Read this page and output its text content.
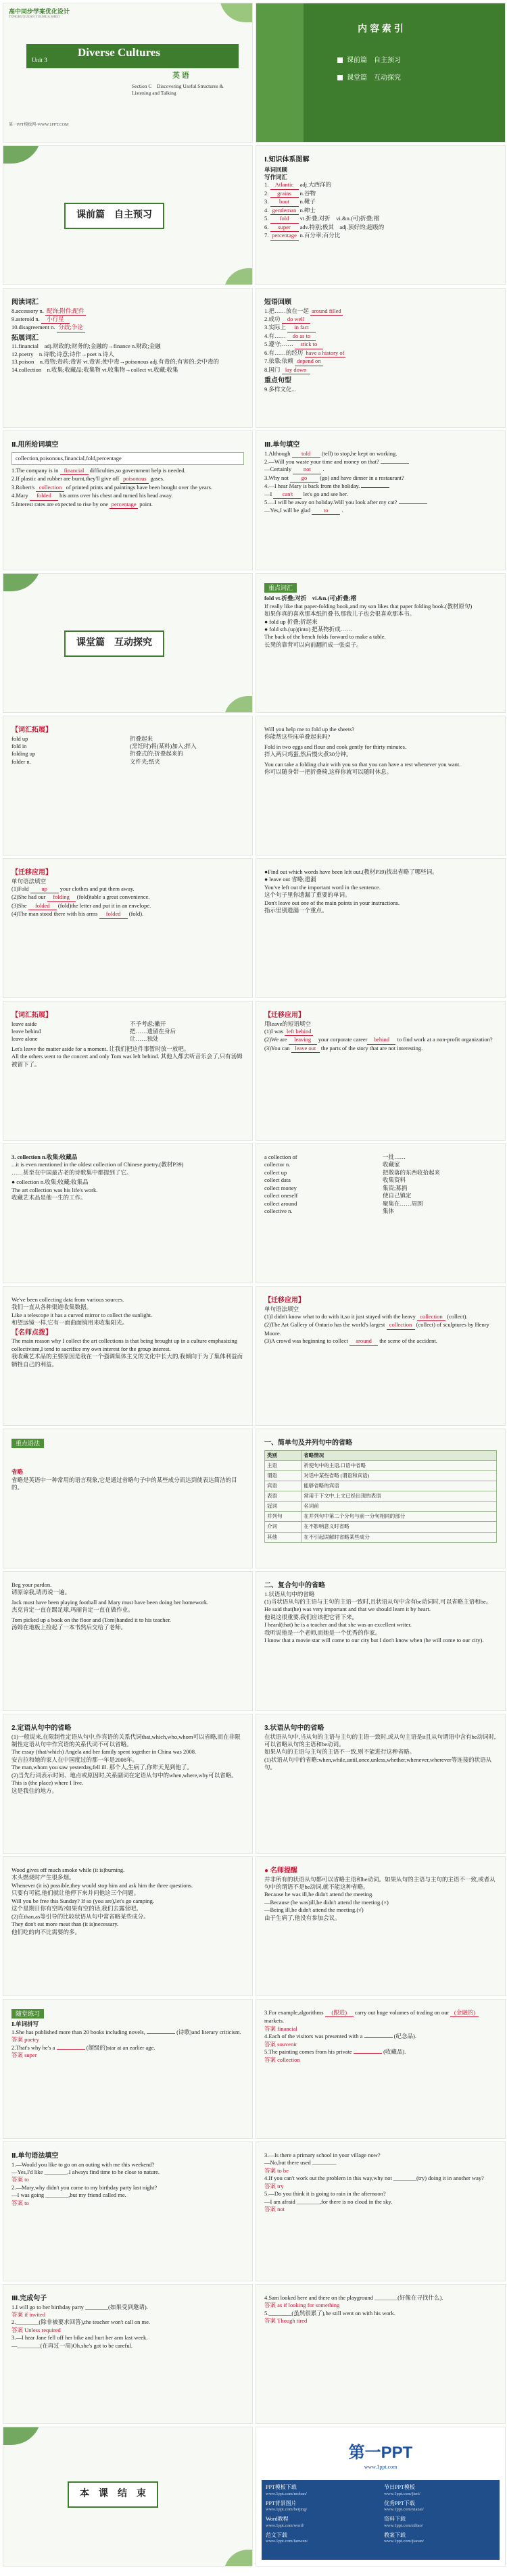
高中同步学案优化设计
TONGBUXUEAN YOUHUA SHEJI
Unit 3
Diverse Cultures
英 语
Section C　Discovering Useful Structures & Listening and Talking
第一PPT模板网-WWW.1PPT.COM
内 容 索 引
课前篇　自主预习
课堂篇　互动探究
课前篇　自主预习
Ⅰ.知识体系图解
单词回顾
写作词汇
1. Atlantic adj.大西洋的
2. grains n.谷物
3. boot n.靴子
4. gentleman n.绅士
5. fold vt.折叠;对折　vi.&n.(可)折叠;褶
6. super adv.特别;极其　adj.顶好的;超级的
7. percentage n.百分率;百分比
阅读词汇
8.accessory n. 配饰;附件;配件
9.asteroid n. 小行星
10.disagreement n. 分歧;争论
拓展词汇
11.financial　adj.财政的;财务的;金融的→finance n.财政;金融
12.poetry　n.诗歌;诗意;诗作→poet n.诗人
13.poison　n.毒物;毒药;毒害 vt.毒害;使中毒→poisonous adj.有毒的;有害的;会中毒的
14.collection　n.收集;收藏品;收集物 vt.收集物→collect vt.收藏;收集
短语回顾
1.把……放在一起 around filled
2.成功 do well
3.实际上 in fact
4.有…… do as to
5.遵守;…… stick to
6.有……的经历 have a history of
7.依靠;依赖 depend on
8.国门 lay down
重点句型
9.多样文化...
Ⅱ.用所给词填空
collection,poisonous,financial,fold,percentage
1.The company is in financial difficulties,so government help is needed.
2.If plastic and rubber are burnt,they'll give off poisonous gases.
3.Robert's collection of printed prints and paintings have been bought over the years.
4.Mary folded his arms over his chest and turned his head away.
5.Interest rates are expected to rise by one percentage point.
Ⅲ.单句填空
1.Although told (tell) to stop,he kept on working.
2.—Will you waste your time and money on that?
—Certainly not .
3.Why not go (go) and have dinner in a restaurant?
4.—I hear Mary is back from the holiday.
—I can't let's go and see her.
5.—I will be away on holiday.Will you look after my cat?
—Yes,I will be glad to .
课堂篇　互动探究
重点词汇
fold vt.折叠;对折　vi.&n.(可)折叠;褶
If really like that paper-folding book,and my son likes that paper folding book.(教材原句)
如果你真的喜欢那本纸折叠书,那我儿子也会很喜欢那本书。
● fold up 折叠;折起来
● fold sth.(up)(into) 把某物折成……
The back of the bench folds forward to make a table.
长凳的靠背可以向前翻折成一张桌子。
【词汇拓展】
fold up	折叠起来
fold in	(烹饪时)将(某料)加入;拌入
folding up	折叠式的;折叠起来的
folder n.	文件夹;纸夹
Will you help me to fold up the sheets?
你能帮这些床单叠起来吗?
Fold in two eggs and flour and cook gently for thirty minutes.
拌入两只鸡蛋,然后慢火煮30分钟。
You can take a folding chair with you so that you can have a rest whenever you want.
你可以随身带一把折叠椅,这样你就可以随时休息。
【迁移应用】
单句语法填空
(1)Fold up your clothes and put them away.
(2)She had our folding (fold)table a great convenience.
(3)She folded (fold)the letter and put it in an envelope.
(4)The man stood there with his arms folded (fold).
●Find out which words have been left out.(教材P39)找出省略了哪些词。
● leave out 省略;遗漏
You've left out the important word in the sentence.
这个句子里你遗漏了重要的单词。
Don't leave out one of the main points in your instructions.
指示里别遗漏一个重点。
【词汇拓展】
leave aside	不予考虑;撇开
leave behind	把……遗留在身后
leave alone	让……独处
Let's leave the matter aside for a moment. 让我们把这件事暂时放一放吧。
All the others went to the concert and only Tom was left behind. 其他人都去听音乐会了,只有汤姆被留下了。
【迁移应用】
用leave的短语填空
(1)I was left behind
(2)We are leaving your corporate career behind to find work at a non-profit organization?
(3)You can leave out the parts of the story that are not interesting.
3. collection n.收集;收藏品
...it is even mentioned in the oldest collection of Chinese poetry.(教材P39)
……甚至在中国最古老的诗歌集中都提到了它。
● collection n.收集;收藏;收集品
The art collection was his life's work.
收藏艺术品是他一生的工作。
a collection of	一批……
collector n.	收藏家
collect up	把散落的东西收拾起来
collect data	收集资料
collect money	集资;募捐
collect oneself	使自己镇定
collect around	聚集在……周围
collective n.	集体
We've been collecting data from various sources.
我们一直从各种渠道收集数据。
Like a telescope it has a curved mirror to collect the sunlight.
和望远镜一样,它有一面曲面镜用来收集阳光。
【名师点拨】
The main reason why I collect the art collections is that being brought up in a culture emphasizing collectivism,I tend to sacrifice my own interest for the group interest.
我收藏艺术品的主要原因是我在一个强调集体主义的文化中长大的,我倾向于为了集体利益而牺牲自己的利益。
【迁移应用】
单句语法填空
(1)I didn't know what to do with it,so it just stayed with the heavy collection (collect).
(2)The Art Gallery of Ontario has the world's largest collection (collect) of sculptures by Henry Moore.
(3)A crowd was beginning to collect around the scene of the accident.
重点语法
省略
省略是英语中一种常用的语言现象,它是通过省略句子中的某些成分而达到使表达简洁的目的。
一、简单句及并列句中的省略
类别	省略情况
主语	祈使句中的主语,口语中省略
谓语	对话中某些省略 (谓语和宾语)
宾语	能够省略的宾语
表语	常用于下文中,上文已经出现的表语
冠词	名词前
并列句	在并列句中第二个分句与前一分句相同的部分
介词	在不影响意义时省略
其他	在不引起误解时省略某些成分
Beg your pardon.
请原谅我,请再说一遍。
Jack must have been playing football and Mary must have been doing her homework.
杰克肯定一直在踢足球,玛丽肯定一直在做作业。
Tom picked up a book on the floor and (Tom)handed it to his teacher.
汤姆在地板上捡起了一本书然后交给了老师。
二、复合句中的省略
1.状语从句中的省略
(1)当状语从句的主语与主句的主语一致时,且状语从句中含有be动词时,可以省略主语和be。
He said that(he) was very important and that we should learn it by heart.
他说这很重要,我们应该把它背下来。
I heard(that) he is a teacher and that she was an excellent writer.
我听说他是一个老师,而她是一个优秀的作家。
I know that a movie star will come to our city but I don't know when (he will come to our city).
2.定语从句中的省略
(1)一般说来,在限制性定语从句中,作宾语的关系代词that,which,who,whom可以省略,而在非限制性定语从句中作宾语的关系代词不可以省略。
The essay (that/which) Angela and her family spent together in China was 2008.
安吉拉和她的家人在中国度过的那一年是2008年。
The man,whom you saw yesterday,fell ill. 那个人,生病了,你昨天见到他了。
(2)当先行词表示时间、地点或原因时,关系副词在定语从句中的when,where,why可以省略。
This is (the place) where I live.
这是我住的地方。
3.状语从句中的省略
在状语从句中,当从句的主语与主句的主语一致时,或从句主语是it且从句谓语中含有be动词时,可以省略从句的主语和be动词。
如果从句的主语与主句的主语不一致,则不能进行这种省略。
(1)状语从句中的省略:when,while,until,once,unless,whether,whenever,wherever等连接的状语从句。
Wood gives off much smoke while (it is)burning.
木头燃烧时产生很多烟。
Whenever (it is) possible,they would stop him and ask him the three questions.
只要有可能,他们就让他停下来并问他这三个问题。
Will you be free this Sunday? If so (you are),let's go camping.
这个星期日你有空吗?如果有空的话,我们去露营吧。
(2)在than,as等引导的比较状语从句中常省略某些成分。
They don't eat more meat than (it is)necessary.
他们吃的肉不比需要的多。
● 名师提醒
并非所有的状语从句都可以省略主语和be动词。如果从句的主语与主句的主语不一致,或者从句中的谓语不是be动词,就不能这种省略。
Because he was ill,he didn't attend the meeting.
—Because (he was)ill,he didn't attend the meeting.(×)
—Being ill,he didn't attend the meeting.(√)
由于生病了,他没有参加会议。
随堂练习
Ⅰ.单词拼写
1.She has published more than 20 books including novels,	(诗歌)and literary criticism.
答案 poetry
2.That's why he's a	(超级的)star at an earlier age.
答案 super
3.For example,algorithms (跟进) carry out huge volumes of trading on our (金融的) markets.
答案 financial
4.Each of the visitors was presented with a	(纪念品).
答案 souvenir
5.The painting comes from his private	(收藏品).
答案 collection
Ⅱ.单句语法填空
1.—Would you like to go on an outing with me this weekend?
—Yes,I'd like ________.I always find time to be close to nature.
答案 to
2.—Mary,why didn't you come to my birthday party last night?
—I was going ________,but my friend called me.
答案 to
3.—Is there a primary school in your village now?
—No,but there used ________.
答案 to be
4.If you can't work out the problem in this way,why not ________(try) doing it in another way?
答案 try
5.—Do you think it is going to rain in the afternoon?
—I am afraid ________,for there is no cloud in the sky.
答案 not
Ⅲ.完成句子
1.I will go to her birthday party ________(如果受到邀请).
答案 if invited
2.________(除非被要求回答),the teacher won't call on me.
答案 Unless required
3.—I hear Jane fell off her bike and hurt her arm last week.
—________(在再过一周)Oh,she's got to be careful.
4.Sam looked here and there on the playground ________(好像在寻找什么).
答案 as if looking for something
5.________(虽然很累了),he still went on with his work.
答案 Though tired
本　课　结　束
第一PPT
www.1ppt.com
PPT模板下载
www.1ppt.com/moban/
节日PPT模板
www.1ppt.com/jieri/
PPT背景图片
www.1ppt.com/beijing/
优秀PPT下载
www.1ppt.com/xiazai/
Word教程
www.1ppt.com/word/
资料下载
www.1ppt.com/ziliao/
范文下载
www.1ppt.com/fanwen/
教案下载
www.1ppt.com/jiaoan/
